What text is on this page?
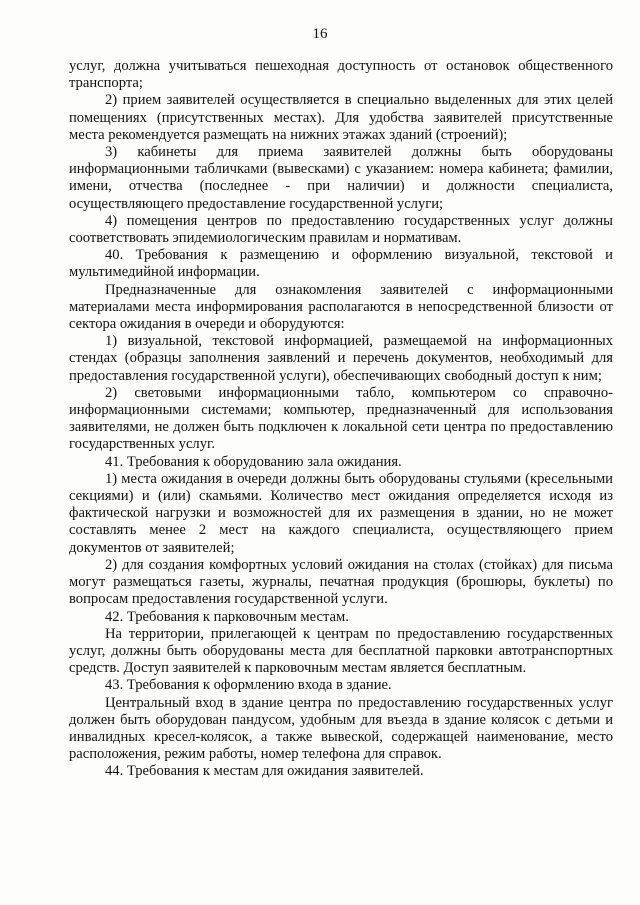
16

услуг, должна учитываться пешеходная доступность от остановок общественного транспорта;

2) прием заявителей осуществляется в специально выделенных для этих целей помещениях (присутственных местах). Для удобства заявителей присутственные места рекомендуется размещать на нижних этажах зданий (строений);

3) кабинеты для приема заявителей должны быть оборудованы информационными табличками (вывесками) с указанием: номера кабинета; фамилии, имени, отчества (последнее - при наличии) и должности специалиста, осуществляющего предоставление государственной услуги;

4) помещения центров по предоставлению государственных услуг должны соответствовать эпидемиологическим правилам и нормативам.

40. Требования к размещению и оформлению визуальной, текстовой и мультимедийной информации.

Предназначенные для ознакомления заявителей с информационными материалами места информирования располагаются в непосредственной близости от сектора ожидания в очереди и оборудуются:

1) визуальной, текстовой информацией, размещаемой на информационных стендах (образцы заполнения заявлений и перечень документов, необходимый для предоставления государственной услуги), обеспечивающих свободный доступ к ним;

2) световыми информационными табло, компьютером со справочно-информационными системами; компьютер, предназначенный для использования заявителями, не должен быть подключен к локальной сети центра по предоставлению государственных услуг.

41. Требования к оборудованию зала ожидания.

1) места ожидания в очереди должны быть оборудованы стульями (кресельными секциями) и (или) скамьями. Количество мест ожидания определяется исходя из фактической нагрузки и возможностей для их размещения в здании, но не может составлять менее 2 мест на каждого специалиста, осуществляющего прием документов от заявителей;

2) для создания комфортных условий ожидания на столах (стойках) для письма могут размещаться газеты, журналы, печатная продукция (брошюры, буклеты) по вопросам предоставления государственной услуги.

42. Требования к парковочным местам.

На территории, прилегающей к центрам по предоставлению государственных услуг, должны быть оборудованы места для бесплатной парковки автотранспортных средств. Доступ заявителей к парковочным местам является бесплатным.

43. Требования к оформлению входа в здание.

Центральный вход в здание центра по предоставлению государственных услуг должен быть оборудован пандусом, удобным для въезда в здание колясок с детьми и инвалидных кресел-колясок, а также вывеской, содержащей наименование, место расположения, режим работы, номер телефона для справок.

44. Требования к местам для ожидания заявителей.
